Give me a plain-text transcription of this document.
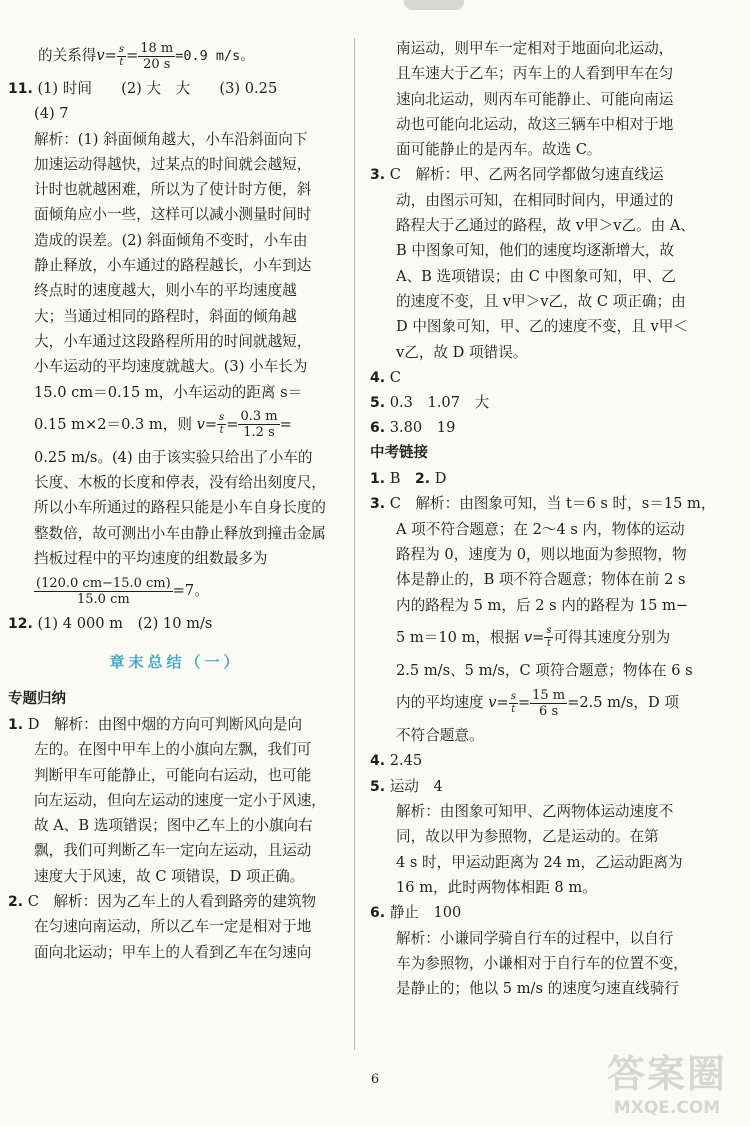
的关系得$v= \frac{s}{t} = \frac{18 m}{20 s} =0.9$ m/s。
11. (1) 时间　　(2) 大　大　　(3) 0.25
(4) 7
解析：(1) 斜面倾角越大，小车沿斜面向下
加速运动得越快，过某点的时间就会越短，
计时也就越困难，所以为了使计时方便，斜
面倾角应小一些，这样可以减小测量时间时
造成的误差。(2) 斜面倾角不变时，小车由
静止释放，小车通过的路程越长，小车到达
终点时的速度越大，则小车的平均速度越
大；当通过相同的路程时，斜面的倾角越
大，小车通过这段路程所用的时间就越短，
小车运动的平均速度就越大。(3) 小车长为
15.0 cm＝0.15 m，小车运动的距离 s＝
0.15 m×2＝0.3 m，则 $v= \frac{s}{t} = \frac{0.3 m}{1.2 s}$ =
0.25 m/s。(4) 由于该实验只给出了小车的
长度、木板的长度和停表，没有给出刻度尺，
所以小车所通过的路程只能是小车自身长度的
整数倍，故可测出小车由静止释放到撞击金属
挡板过程中的平均速度的组数最多为
$\frac{(120.0 cm-15.0 cm)}{15.0 cm} =7$。
12. (1) 4 000 m　(2) 10 m/s
章末总结（一）
专题归纳
1. D　解析：由图中烟的方向可判断风向是向
左的。在图中甲车上的小旗向左飘，我们可
判断甲车可能静止，可能向右运动，也可能
向左运动，但向左运动的速度一定小于风速，
故 A、B 选项错误；图中乙车上的小旗向右
飘，我们可判断乙车一定向左运动，且运动
速度大于风速，故 C 项错误，D 项正确。
2. C　解析：因为乙车上的人看到路旁的建筑物
在匀速向南运动，所以乙车一定是相对于地
面向北运动；甲车上的人看到乙车在匀速向
南运动，则甲车一定相对于地面向北运动，
且车速大于乙车；丙车上的人看到甲车在匀
速向北运动，则丙车可能静止、可能向南运
动也可能向北运动，故这三辆车中相对于地
面可能静止的是丙车。故选 C。
3. C　解析：甲、乙两名同学都做匀速直线运
动，由图示可知，在相同时间内，甲通过的
路程大于乙通过的路程，故 v甲＞v乙。由 A、
B 中图象可知，他们的速度均逐渐增大，故
A、B 选项错误；由 C 中图象可知，甲、乙
的速度不变，且 v甲＞v乙，故 C 项正确；由
D 中图象可知，甲、乙的速度不变，且 v甲＜
v乙，故 D 项错误。
4. C
5. 0.3　1.07　大
6. 3.80　19
中考链接
1. B　 2. D
3. C　解析：由图象可知，当 t＝6 s 时，s＝15 m，
A 项不符合题意；在 2～4 s 内，物体的运动
路程为 0，速度为 0，则以地面为参照物，物
体是静止的，B 项不符合题意；物体在前 2 s
内的路程为 5 m，后 2 s 内的路程为 15 m−
5 m＝10 m，根据 $v= \frac{s}{t}$ 可得其速度分别为
2.5 m/s、5 m/s，C 项符合题意；物体在 6 s
内的平均速度 $v= \frac{s}{t} = \frac{15 m}{6 s} =2.5$ m/s，D 项
不符合题意。
4. 2.45
5. 运动　4
解析：由图象可知甲、乙两物体运动速度不
同，故以甲为参照物，乙是运动的。在第
4 s 时，甲运动距离为 24 m，乙运动距离为
16 m，此时两物体相距 8 m。
6. 静止　100
解析：小谦同学骑自行车的过程中，以自行
车为参照物，小谦相对于自行车的位置不变，
是静止的；他以 5 m/s 的速度匀速直线骑行
6	答案圈
MXQE.COM
